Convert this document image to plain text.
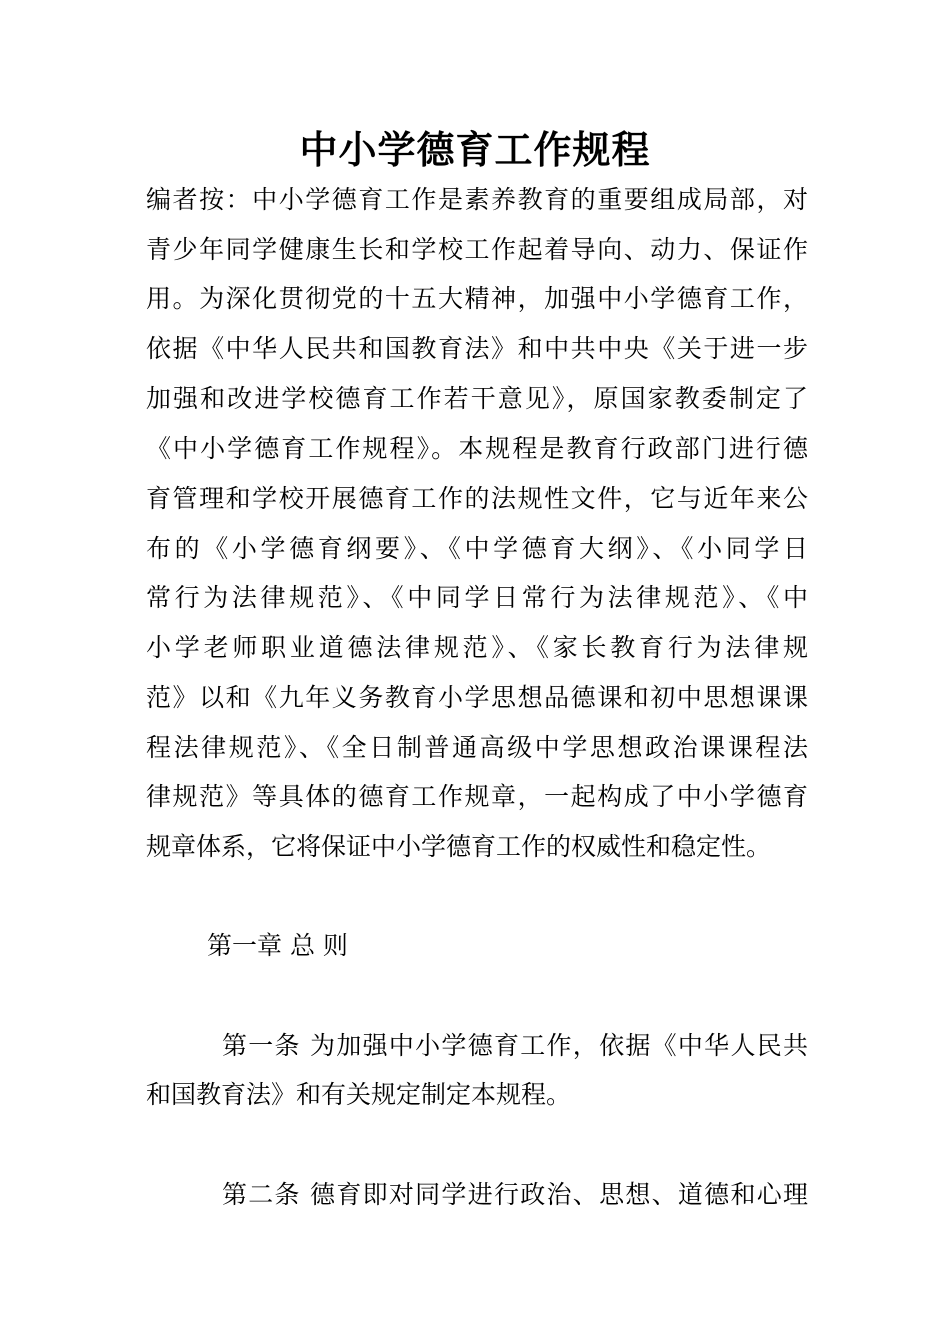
中小学德育工作规程
编者按：中小学德育工作是素养教育的重要组成局部，对
青少年同学健康生长和学校工作起着导向、动力、保证作
用。为深化贯彻党的十五大精神，加强中小学德育工作，
依据《中华人民共和国教育法》和中共中央《关于进一步
加强和改进学校德育工作若干意见》，原国家教委制定了
《中小学德育工作规程》。本规程是教育行政部门进行德
育管理和学校开展德育工作的法规性文件，它与近年来公
布的《小学德育纲要》、《中学德育大纲》、《小同学日
常行为法律规范》、《中同学日常行为法律规范》、《中
小学老师职业道德法律规范》、《家长教育行为法律规
范》以和《九年义务教育小学思想品德课和初中思想课课
程法律规范》、《全日制普通高级中学思想政治课课程法
律规范》等具体的德育工作规章，一起构成了中小学德育
规章体系，它将保证中小学德育工作的权威性和稳定性。
第一章 总 则
第一条 为加强中小学德育工作，依据《中华人民共
和国教育法》和有关规定制定本规程。
第二条 德育即对同学进行政治、思想、道德和心理
